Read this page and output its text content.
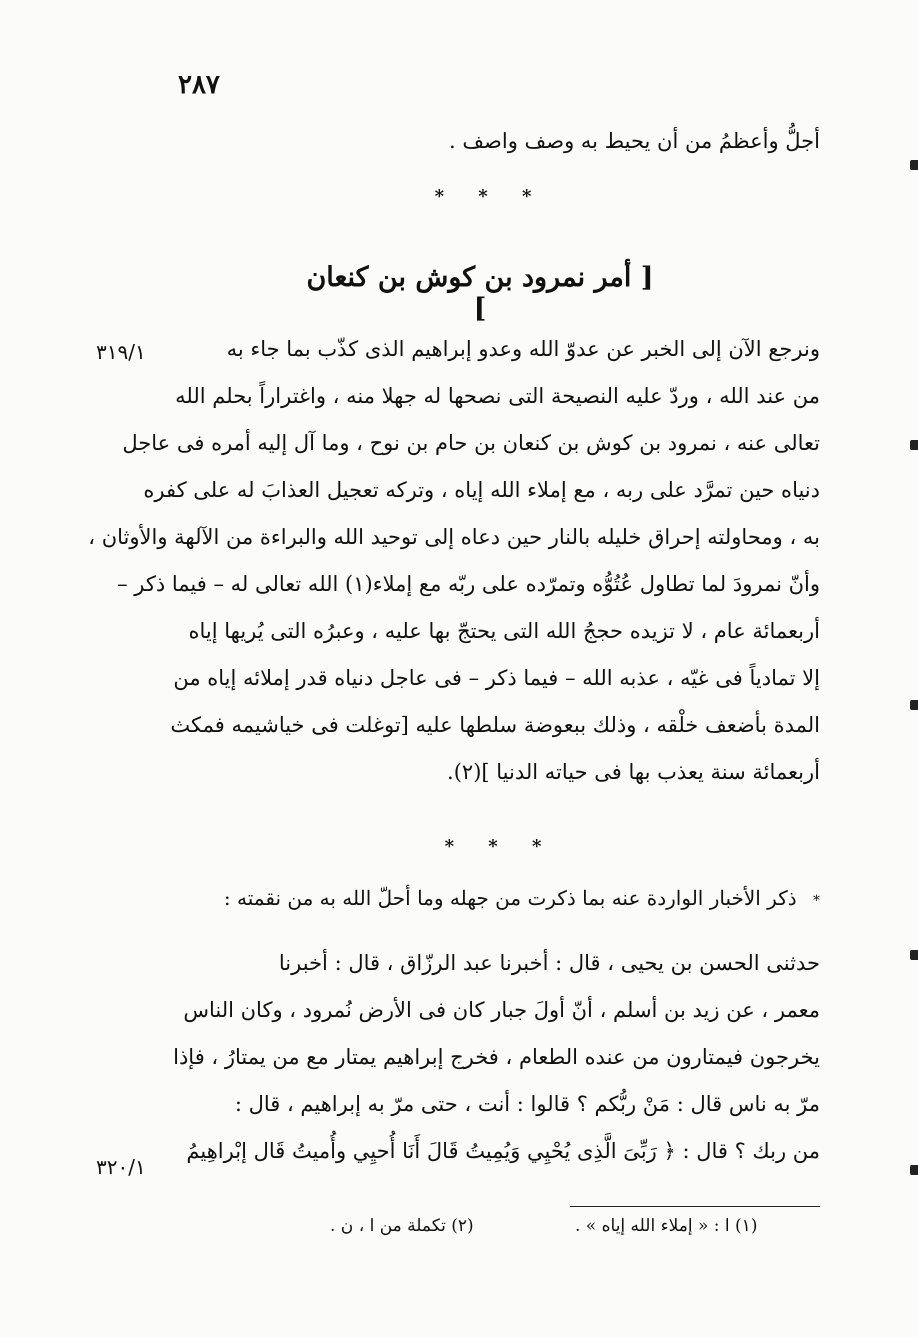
٢٨٧
أجلُّ وأعظمُ من أن يحيط به وصف واصف .
* * *
[ أمر نمرود بن كوش بن كنعان ]
٣١٩/١	ونرجع الآن إلى الخبر عن عدوّ الله وعدو إبراهيم الذى كذّب بما جاء به
من عند الله ، وردّ عليه النصيحة التى نصحها له جهلا منه ، واغتراراً بحلم الله
تعالى عنه ، نمرود بن كوش بن كنعان بن حام بن نوح ، وما آل إليه أمره فى عاجل
دنياه حين تمرَّد على ربه ، مع إملاء الله إياه ، وتركه تعجيل العذابَ له على كفره
به ، ومحاولته إحراق خليله بالنار حين دعاه إلى توحيد الله والبراءة من الآلهة والأوثان ،
وأنّ نمرودَ لما تطاول عُتُوُّه وتمرّده على ربّه مع إملاء(١) الله تعالى له – فيما ذكر –
أربعمائة عام ، لا تزيده حججُ الله التى يحتجّ بها عليه ، وعبرُه التى يُريها إياه
إلا تمادياً فى غيّه ، عذبه الله – فيما ذكر – فى عاجل دنياه قدر إملائه إياه من
المدة بأضعف خلْقه ، وذلك ببعوضة سلطها عليه [توغلت فى خياشيمه فمكث
أربعمائة سنة يعذب بها فى حياته الدنيا ](٢).
* * *
* ذكر الأخبار الواردة عنه بما ذكرت من جهله وما أحلّ الله به من نقمته :
حدثنى الحسن بن يحيى ، قال : أخبرنا عبد الرزّاق ، قال : أخبرنا
معمر ، عن زيد بن أسلم ، أنّ أولَ جبار كان فى الأرض نُمرود ، وكان الناس
يخرجون فيمتارون من عنده الطعام ، فخرج إبراهيم يمتار مع من يمتارُ ، فإذا
مرّ به ناس قال : مَنْ ربُّكم ؟ قالوا : أنت ، حتى مرّ به إبراهيم ، قال :
من ربك ؟ قال : ﴿ رَبِّىَ الَّذِى يُحْيِي وَيُمِيتُ قَالَ أَنَا أُحيِي وأُميتُ قَال إبْراهِيمُ
٣٢٠/١
(١) ا : « إملاء الله إياه » .
(٢) تكملة من ا ، ن .
